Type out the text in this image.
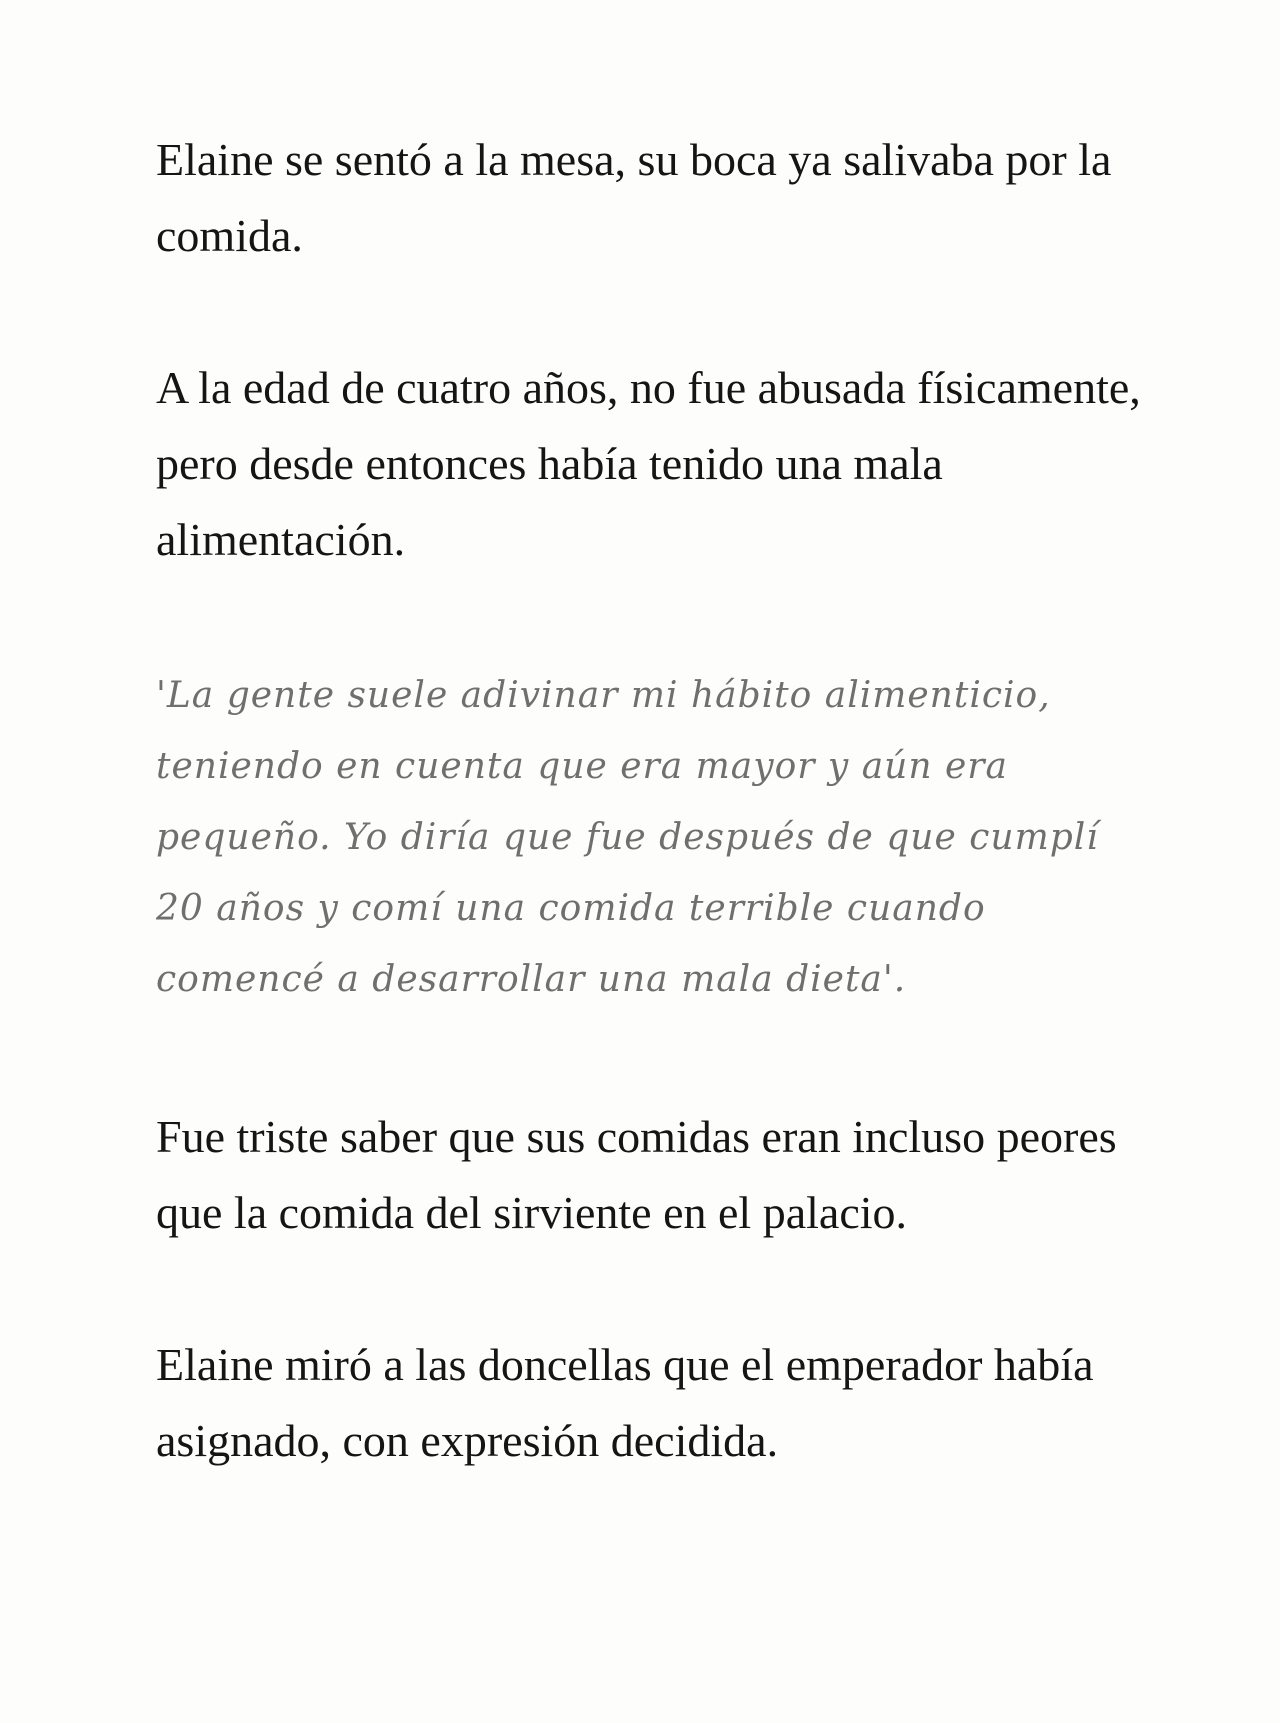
Elaine se sentó a la mesa, su boca ya salivaba por la comida.

A la edad de cuatro años, no fue abusada físicamente, pero desde entonces había tenido una mala alimentación.

'La gente suele adivinar mi hábito alimenticio, teniendo en cuenta que era mayor y aún era pequeño. Yo diría que fue después de que cumplí 20 años y comí una comida terrible cuando comencé a desarrollar una mala dieta'.

Fue triste saber que sus comidas eran incluso peores que la comida del sirviente en el palacio.

Elaine miró a las doncellas que el emperador había asignado, con expresión decidida.
